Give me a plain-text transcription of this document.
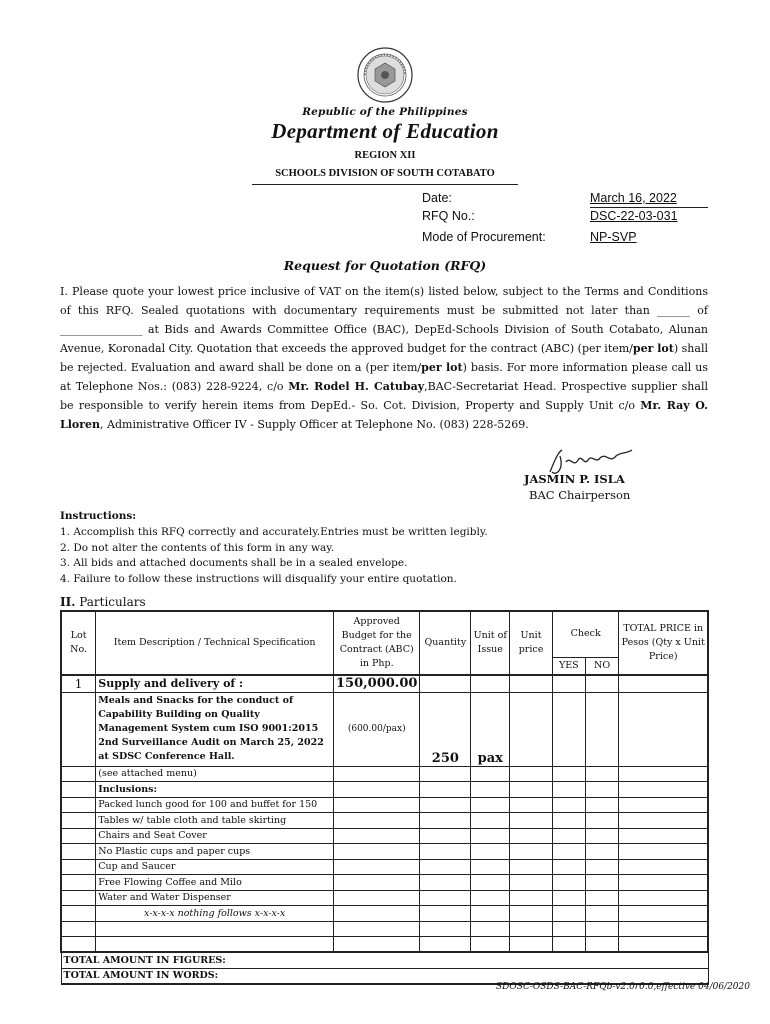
Republic of the Philippines
Department of Education
REGION XII
SCHOOLS DIVISION OF SOUTH COTABATO
Date:	March 16, 2022
RFQ No.:	DSC-22-03-031
Mode of Procurement:	NP-SVP
Request for Quotation (RFQ)
I. Please quote your lowest price inclusive of VAT on the item(s) listed below, subject to the Terms and Conditions of this RFQ. Sealed quotations with documentary requirements must be submitted not later than ______ of _______________ at Bids and Awards Committee Office (BAC), DepEd-Schools Division of South Cotabato, Alunan Avenue, Koronadal City. Quotation that exceeds the approved budget for the contract (ABC) (per item/per lot) shall be rejected. Evaluation and award shall be done on a (per item/per lot) basis. For more information please call us at Telephone Nos.: (083) 228-9224, c/o Mr. Rodel H. Catubay,BAC-Secretariat Head. Prospective supplier shall be responsible to verify herein items from DepEd.- So. Cot. Division, Property and Supply Unit c/o Mr. Ray O. Lloren, Administrative Officer IV - Supply Officer at Telephone No. (083) 228-5269.
JASMIN P. ISLA
BAC Chairperson
Instructions:
1. Accomplish this RFQ correctly and accurately.Entries must be written legibly.
2. Do not alter the contents of this form in any way.
3. All bids and attached documents shall be in a sealed envelope.
4. Failure to follow these instructions will disqualify your entire quotation.
II. Particulars
Lot No.	Item Description / Technical Specification	Approved Budget for the Contract (ABC) in Php.	Quantity	Unit of Issue	Unit price	Check		TOTAL PRICE in Pesos (Qty x Unit Price)
						YES	NO	
1	Supply and delivery of :	150,000.00						
	Meals and Snacks for the conduct of Capability Building on Quality Management System cum ISO 9001:2015 2nd Surveillance Audit on March 25, 2022 at SDSC Conference Hall.	(600.00/pax)	250	pax				
	(see attached menu)							
	Inclusions:							
	Packed lunch good for 100 and buffet for 150							
	Tables w/ table cloth and table skirting							
	Chairs and Seat Cover							
	No Plastic cups and paper cups							
	Cup and Saucer							
	Free Flowing Coffee and Milo							
	Water and Water Dispenser							
	x-x-x-x nothing follows x-x-x-x							

TOTAL AMOUNT IN FIGURES:								
TOTAL AMOUNT IN WORDS:								
SDOSC-OSDS-BAC-RFQb-v2.0r0.0,effective 04/06/2020
